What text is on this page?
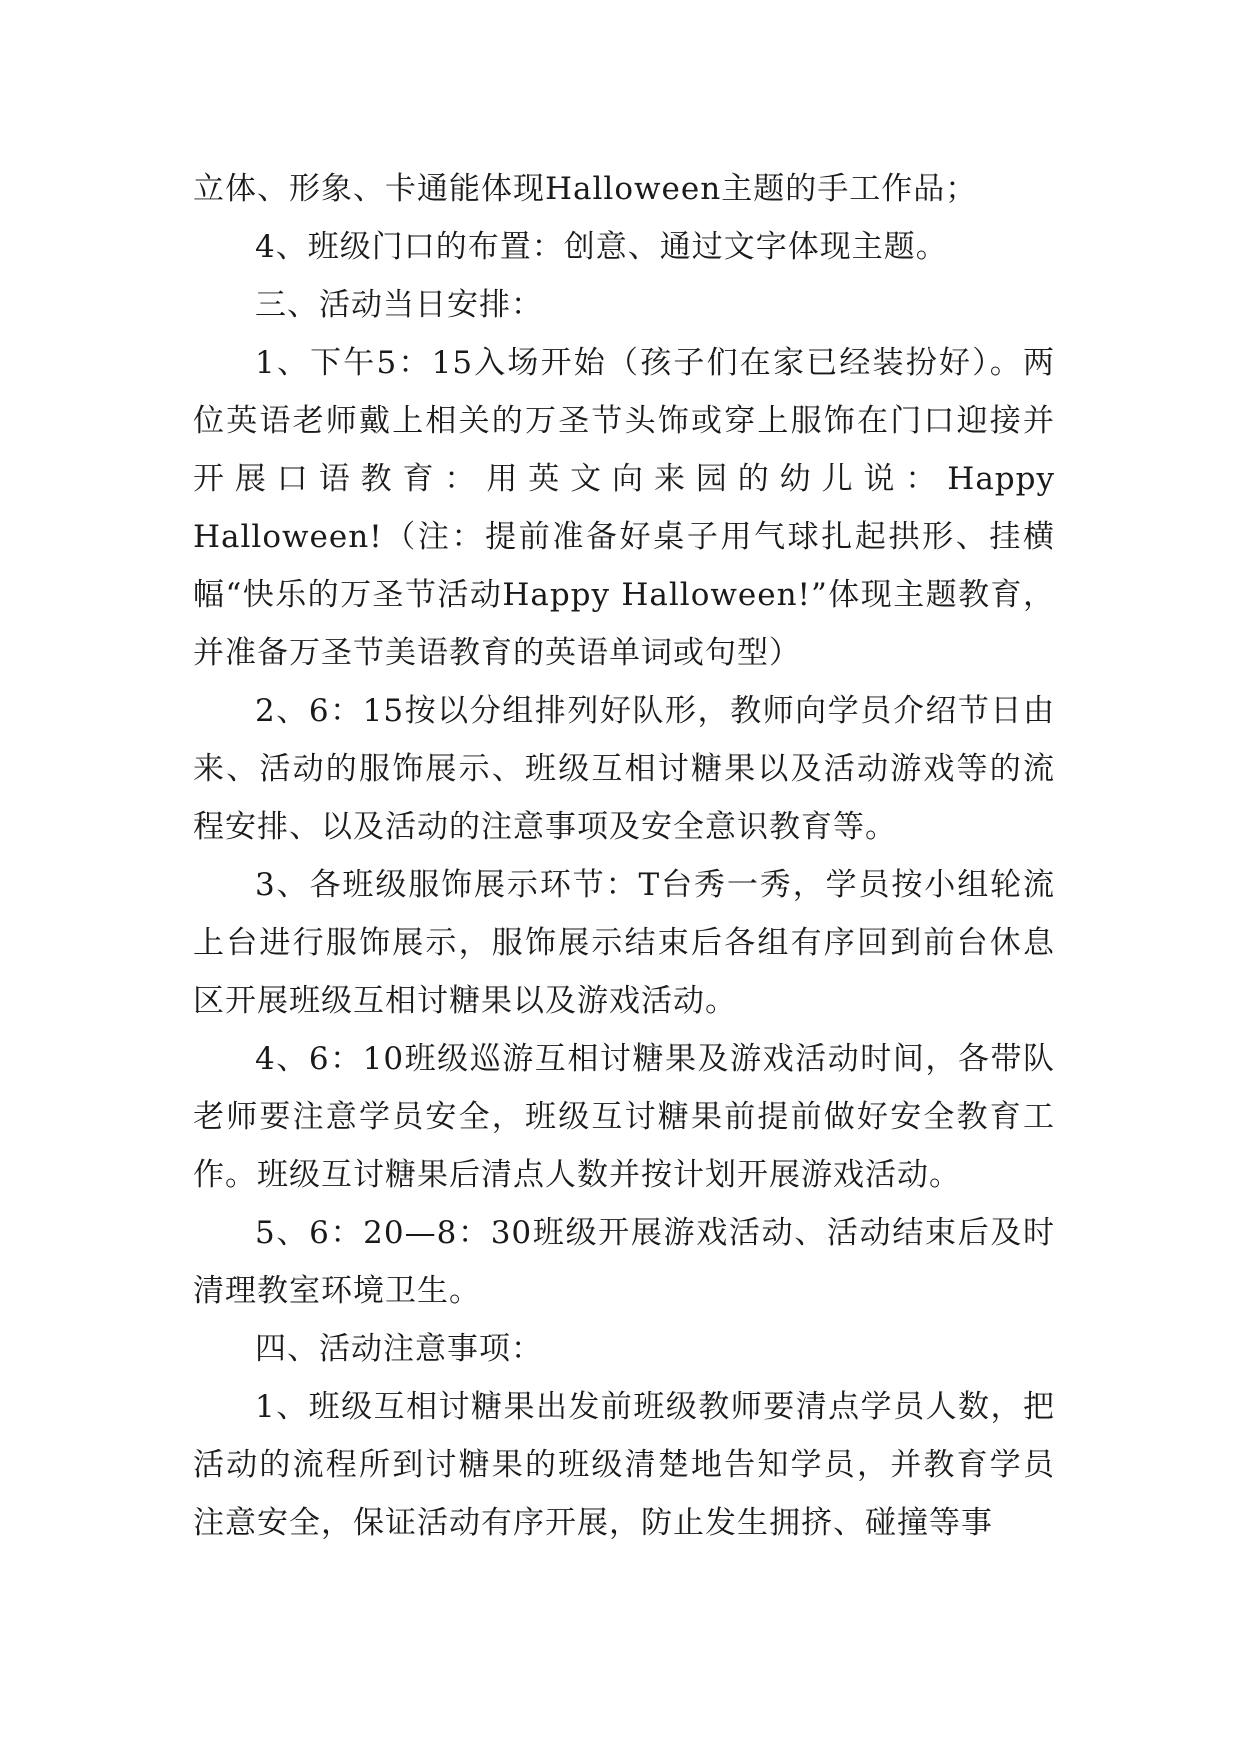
立体、形象、卡通能体现Halloween主题的手工作品；

4、班级门口的布置：创意、通过文字体现主题。

三、活动当日安排：

1、下午5：15入场开始（孩子们在家已经装扮好）。两位英语老师戴上相关的万圣节头饰或穿上服饰在门口迎接并开展口语教育：用英文向来园的幼儿说：Happy Halloween!（注：提前准备好桌子用气球扎起拱形、挂横幅“快乐的万圣节活动Happy Halloween!”体现主题教育，并准备万圣节美语教育的英语单词或句型）

2、6：15按以分组排列好队形，教师向学员介绍节日由来、活动的服饰展示、班级互相讨糖果以及活动游戏等的流程安排、以及活动的注意事项及安全意识教育等。

3、各班级服饰展示环节：T台秀一秀，学员按小组轮流上台进行服饰展示，服饰展示结束后各组有序回到前台休息区开展班级互相讨糖果以及游戏活动。

4、6：10班级巡游互相讨糖果及游戏活动时间，各带队老师要注意学员安全，班级互讨糖果前提前做好安全教育工作。班级互讨糖果后清点人数并按计划开展游戏活动。

5、6：20—8：30班级开展游戏活动、活动结束后及时清理教室环境卫生。

四、活动注意事项：

1、班级互相讨糖果出发前班级教师要清点学员人数，把活动的流程所到讨糖果的班级清楚地告知学员，并教育学员注意安全，保证活动有序开展，防止发生拥挤、碰撞等事
